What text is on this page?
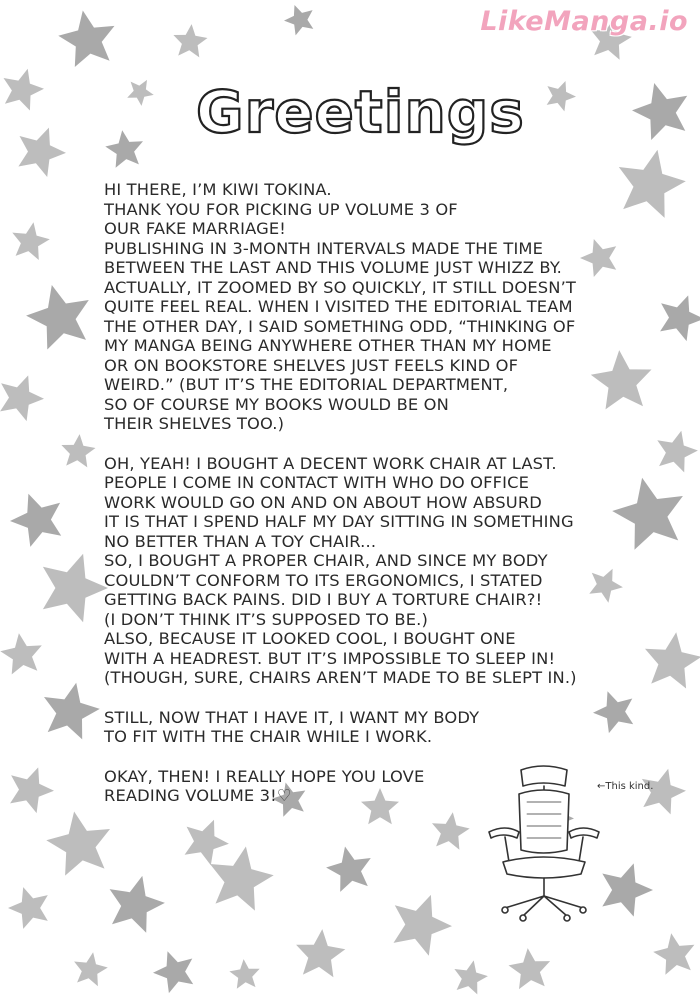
LikeManga.io
Greetings
HI THERE, I’M KIWI TOKINA.
THANK YOU FOR PICKING UP VOLUME 3 OF
OUR FAKE MARRIAGE!
PUBLISHING IN 3-MONTH INTERVALS MADE THE TIME
BETWEEN THE LAST AND THIS VOLUME JUST WHIZZ BY.
ACTUALLY, IT ZOOMED BY SO QUICKLY, IT STILL DOESN’T
QUITE FEEL REAL. WHEN I VISITED THE EDITORIAL TEAM
THE OTHER DAY, I SAID SOMETHING ODD, “THINKING OF
MY MANGA BEING ANYWHERE OTHER THAN MY HOME
OR ON BOOKSTORE SHELVES JUST FEELS KIND OF
WEIRD.” (BUT IT’S THE EDITORIAL DEPARTMENT,
SO OF COURSE MY BOOKS WOULD BE ON
THEIR SHELVES TOO.)
OH, YEAH! I BOUGHT A DECENT WORK CHAIR AT LAST.
PEOPLE I COME IN CONTACT WITH WHO DO OFFICE
WORK WOULD GO ON AND ON ABOUT HOW ABSURD
IT IS THAT I SPEND HALF MY DAY SITTING IN SOMETHING
NO BETTER THAN A TOY CHAIR...
SO, I BOUGHT A PROPER CHAIR, AND SINCE MY BODY
COULDN’T CONFORM TO ITS ERGONOMICS, I STATED
GETTING BACK PAINS. DID I BUY A TORTURE CHAIR?!
(I DON’T THINK IT’S SUPPOSED TO BE.)
ALSO, BECAUSE IT LOOKED COOL, I BOUGHT ONE
WITH A HEADREST. BUT IT’S IMPOSSIBLE TO SLEEP IN!
(THOUGH, SURE, CHAIRS AREN’T MADE TO BE SLEPT IN.)
STILL, NOW THAT I HAVE IT, I WANT MY BODY
TO FIT WITH THE CHAIR WHILE I WORK.
OKAY, THEN! I REALLY HOPE YOU LOVE
READING VOLUME 3!♡	←This kind.
